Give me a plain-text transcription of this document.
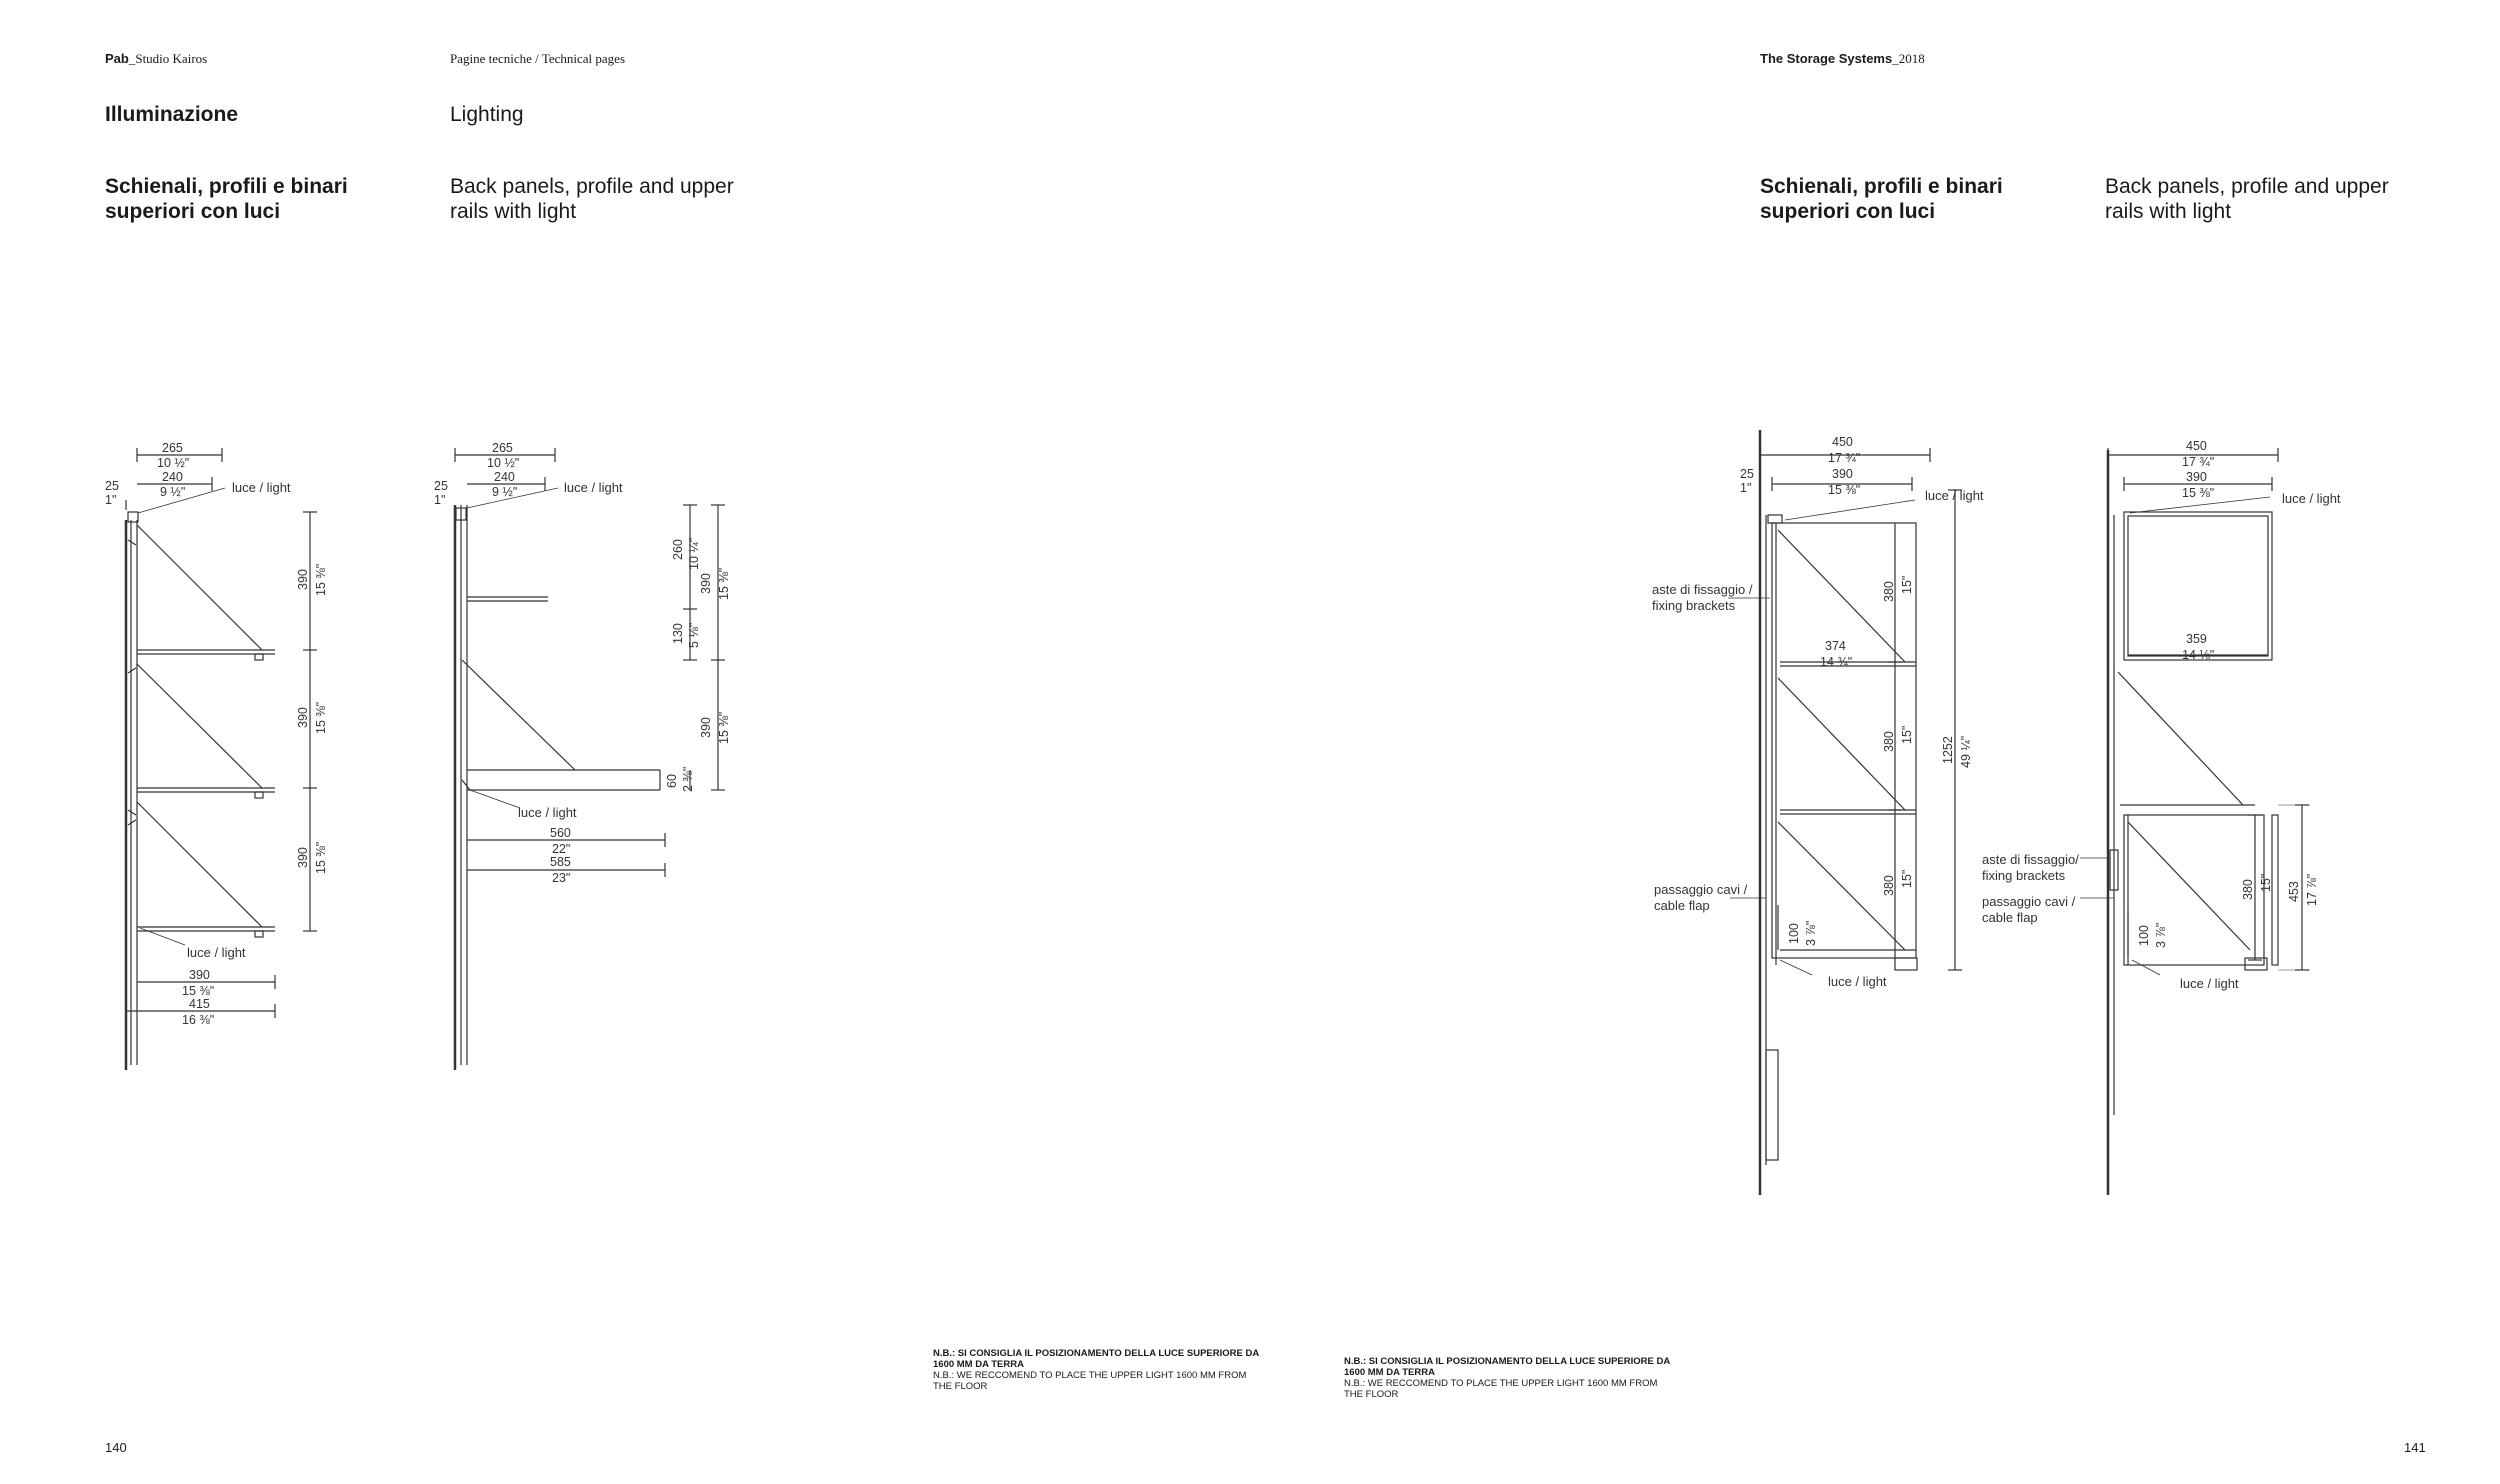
Pab_Studio Kairos	Pagine tecniche / Technical pages	The Storage Systems_2018
Illuminazione	Lighting
Schienali, profili e binari superiori con luci
Back panels, profile and upper rails with light
Schienali, profili e binari superiori con luci
Back panels, profile and upper rails with light
265
10 ½"
240
9 ½"
25
1"
luce / light
luce / light
390 15 ⅜"
390 15 ⅜"
390 15 ⅜"
390
15 ⅜"
415
16 ⅜"
265
10 ½"
240
9 ½"
25
1"
luce / light
luce / light
260 10 ¼"
130 5 ⅛"
390 15 ⅜"
390 15 ⅜"
60 2 ⅜"
560
22"
585
23"
450
17 ¾"
390
15 ⅜"
25
1"	luce / light
aste di fissaggio /
fixing brackets
374
14 ¾"
380 15"
380 15"
380 15"
1252 49 ¼"
passaggio cavi /
cable flap
100 3 ⅞"
luce / light
450
17 ¾"
390
15 ⅜"	luce / light
359
14 ⅛"
aste di fissaggio/
fixing brackets
passaggio cavi /
cable flap
380 15" 453 17 ⅞"
100 3 ⅞"
luce / light
N.B.: SI CONSIGLIA IL POSIZIONAMENTO DELLA LUCE SUPERIORE DA 1600 MM DA TERRA
N.B.: WE RECCOMEND TO PLACE THE UPPER LIGHT 1600 MM FROM THE FLOOR
N.B.: SI CONSIGLIA IL POSIZIONAMENTO DELLA LUCE SUPERIORE DA 1600 MM DA TERRA
N.B.: WE RECCOMEND TO PLACE THE UPPER LIGHT 1600 MM FROM THE FLOOR
140	141
